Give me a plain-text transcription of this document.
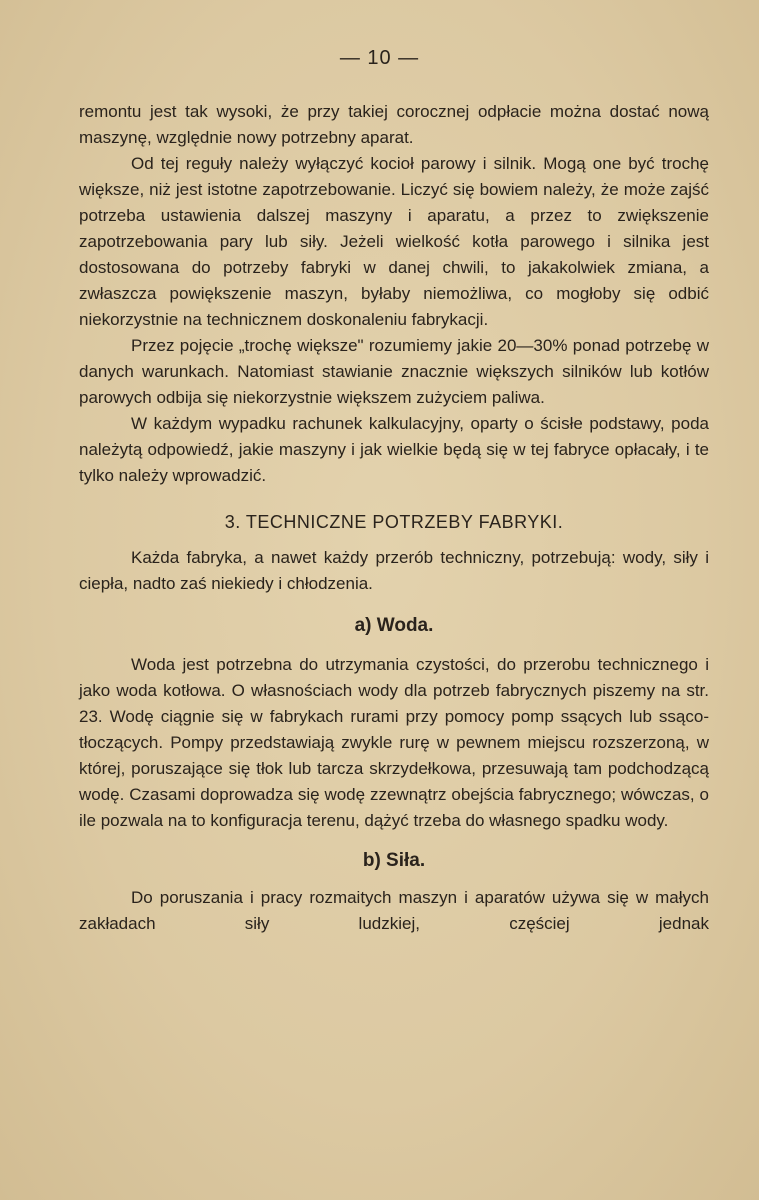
— 10 —

remontu jest tak wysoki, że przy takiej corocznej odpłacie można dostać nową maszynę, względnie nowy potrzebny aparat.

Od tej reguły należy wyłączyć kocioł parowy i silnik. Mogą one być trochę większe, niż jest istotne zapotrzebowanie. Liczyć się bowiem należy, że może zajść potrzeba ustawienia dalszej maszyny i aparatu, a przez to zwiększenie zapotrzebowania pary lub siły. Jeżeli wielkość kotła parowego i silnika jest dostosowana do potrzeby fabryki w danej chwili, to jakakolwiek zmiana, a zwłaszcza powiększenie maszyn, byłaby niemożliwa, co mogłoby się odbić niekorzystnie na technicznem doskonaleniu fabrykacji.

Przez pojęcie „trochę większe" rozumiemy jakie 20—30% ponad potrzebę w danych warunkach. Natomiast stawianie znacznie większych silników lub kotłów parowych odbija się niekorzystnie większem zużyciem paliwa.

W każdym wypadku rachunek kalkulacyjny, oparty o ścisłe podstawy, poda należytą odpowiedź, jakie maszyny i jak wielkie będą się w tej fabryce opłacały, i te tylko należy wprowadzić.

3. TECHNICZNE POTRZEBY FABRYKI.

Każda fabryka, a nawet każdy przerób techniczny, potrzebują: wody, siły i ciepła, nadto zaś niekiedy i chłodzenia.

a) Woda.

Woda jest potrzebna do utrzymania czystości, do przerobu technicznego i jako woda kotłowa. O własnościach wody dla potrzeb fabrycznych piszemy na str. 23. Wodę ciągnie się w fabrykach rurami przy pomocy pomp ssących lub ssąco-tłoczących. Pompy przedstawiają zwykle rurę w pewnem miejscu rozszerzoną, w której, poruszające się tłok lub tarcza skrzydełkowa, przesuwają tam podchodzącą wodę. Czasami doprowadza się wodę zzewnątrz obejścia fabrycznego; wówczas, o ile pozwala na to konfiguracja terenu, dążyć trzeba do własnego spadku wody.

b) Siła.

Do poruszania i pracy rozmaitych maszyn i aparatów używa się w małych zakładach siły ludzkiej, częściej jednak
